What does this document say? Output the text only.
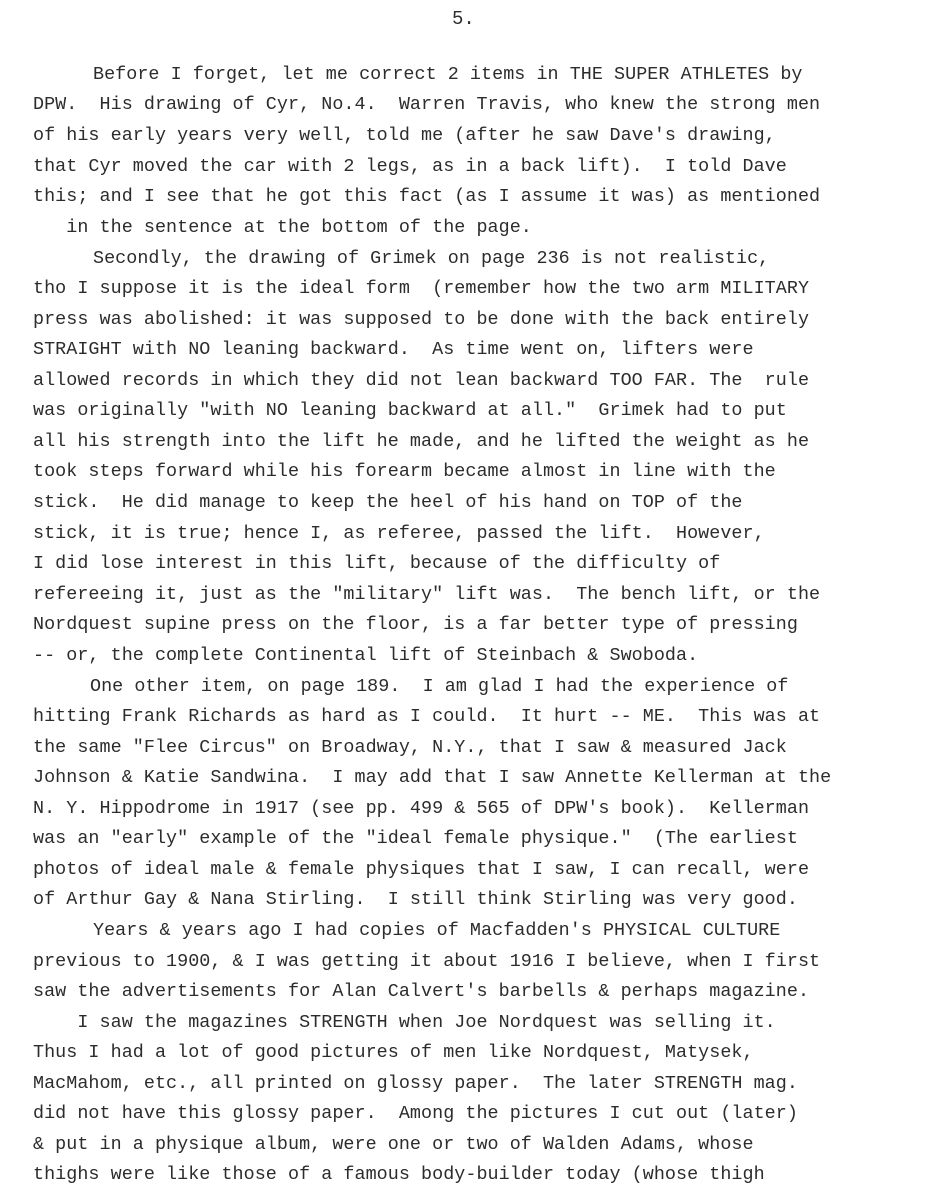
5.
Before I forget, let me correct 2 items in THE SUPER ATHLETES by
DPW.  His drawing of Cyr, No.4.  Warren Travis, who knew the strong men
of his early years very well, told me (after he saw Dave's drawing,
that Cyr moved the car with 2 legs, as in a back lift).  I told Dave
this; and I see that he got this fact (as I assume it was) as mentioned
in the sentence at the bottom of the page.
Secondly, the drawing of Grimek on page 236 is not realistic,
tho I suppose it is the ideal form  (remember how the two arm MILITARY
press was abolished: it was supposed to be done with the back entirely
STRAIGHT with NO leaning backward.  As time went on, lifters were
allowed records in which they did not lean backward TOO FAR. The  rule
was originally "with NO leaning backward at all."  Grimek had to put
all his strength into the lift he made, and he lifted the weight as he
took steps forward while his forearm became almost in line with the
stick.  He did manage to keep the heel of his hand on TOP of the
stick, it is true; hence I, as referee, passed the lift.  However,
I did lose interest in this lift, because of the difficulty of
refereeing it, just as the "military" lift was.  The bench lift, or the
Nordquest supine press on the floor, is a far better type of pressing
-- or, the complete Continental lift of Steinbach & Swoboda.
One other item, on page 189.  I am glad I had the experience of
hitting Frank Richards as hard as I could.  It hurt -- ME.  This was at
the same "Flee Circus" on Broadway, N.Y., that I saw & measured Jack
Johnson & Katie Sandwina.  I may add that I saw Annette Kellerman at the
N. Y. Hippodrome in 1917 (see pp. 499 & 565 of DPW's book).  Kellerman
was an "early" example of the "ideal female physique."  (The earliest
photos of ideal male & female physiques that I saw, I can recall, were
of Arthur Gay & Nana Stirling.  I still think Stirling was very good.
Years & years ago I had copies of Macfadden's PHYSICAL CULTURE
previous to 1900, & I was getting it about 1916 I believe, when I first
saw the advertisements for Alan Calvert's barbells & perhaps magazine.
I saw the magazines STRENGTH when Joe Nordquest was selling it.
Thus I had a lot of good pictures of men like Nordquest, Matysek,
MacMahom, etc., all printed on glossy paper.  The later STRENGTH mag.
did not have this glossy paper.  Among the pictures I cut out (later)
& put in a physique album, were one or two of Walden Adams, whose
thighs were like those of a famous body-builder today (whose thigh
